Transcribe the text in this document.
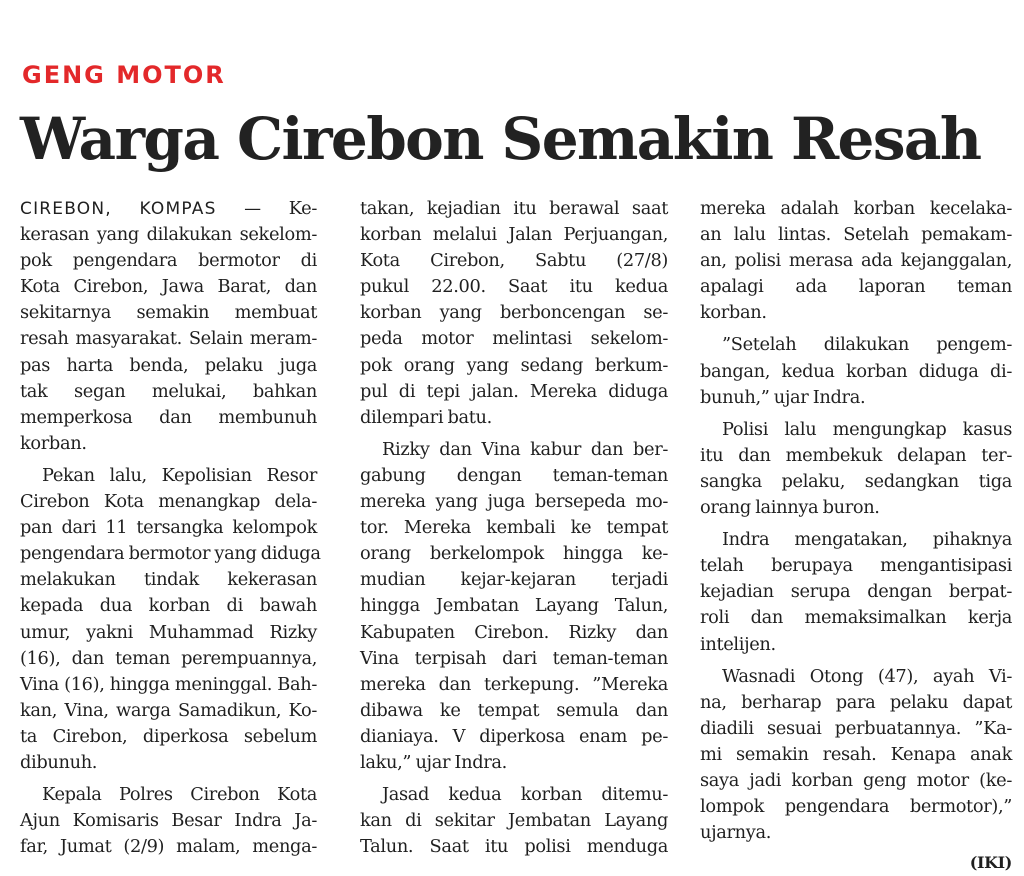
GENG MOTOR
Warga Cirebon Semakin Resah
CIREBON, KOMPAS — Ke-
kerasan yang dilakukan sekelom-
pok pengendara bermotor di
Kota Cirebon, Jawa Barat, dan
sekitarnya semakin membuat
resah masyarakat. Selain meram-
pas harta benda, pelaku juga
tak segan melukai, bahkan
memperkosa dan membunuh
korban.
Pekan lalu, Kepolisian Resor
Cirebon Kota menangkap dela-
pan dari 11 tersangka kelompok
pengendara bermotor yang diduga
melakukan tindak kekerasan
kepada dua korban di bawah
umur, yakni Muhammad Rizky
(16), dan teman perempuannya,
Vina (16), hingga meninggal. Bah-
kan, Vina, warga Samadikun, Ko-
ta Cirebon, diperkosa sebelum
dibunuh.
Kepala Polres Cirebon Kota
Ajun Komisaris Besar Indra Ja-
far, Jumat (2/9) malam, menga-
takan, kejadian itu berawal saat
korban melalui Jalan Perjuangan,
Kota Cirebon, Sabtu (27/8)
pukul 22.00. Saat itu kedua
korban yang berboncengan se-
peda motor melintasi sekelom-
pok orang yang sedang berkum-
pul di tepi jalan. Mereka diduga
dilempari batu.
Rizky dan Vina kabur dan ber-
gabung dengan teman-teman
mereka yang juga bersepeda mo-
tor. Mereka kembali ke tempat
orang berkelompok hingga ke-
mudian kejar-kejaran terjadi
hingga Jembatan Layang Talun,
Kabupaten Cirebon. Rizky dan
Vina terpisah dari teman-teman
mereka dan terkepung. ”Mereka
dibawa ke tempat semula dan
dianiaya. V diperkosa enam pe-
laku,” ujar Indra.
Jasad kedua korban ditemu-
kan di sekitar Jembatan Layang
Talun. Saat itu polisi menduga
mereka adalah korban kecelaka-
an lalu lintas. Setelah pemakam-
an, polisi merasa ada kejanggalan,
apalagi ada laporan teman
korban.
”Setelah dilakukan pengem-
bangan, kedua korban diduga di-
bunuh,” ujar Indra.
Polisi lalu mengungkap kasus
itu dan membekuk delapan ter-
sangka pelaku, sedangkan tiga
orang lainnya buron.
Indra mengatakan, pihaknya
telah berupaya mengantisipasi
kejadian serupa dengan berpat-
roli dan memaksimalkan kerja
intelijen.
Wasnadi Otong (47), ayah Vi-
na, berharap para pelaku dapat
diadili sesuai perbuatannya. ”Ka-
mi semakin resah. Kenapa anak
saya jadi korban geng motor (ke-
lompok pengendara bermotor),”
ujarnya.
(IKI)
